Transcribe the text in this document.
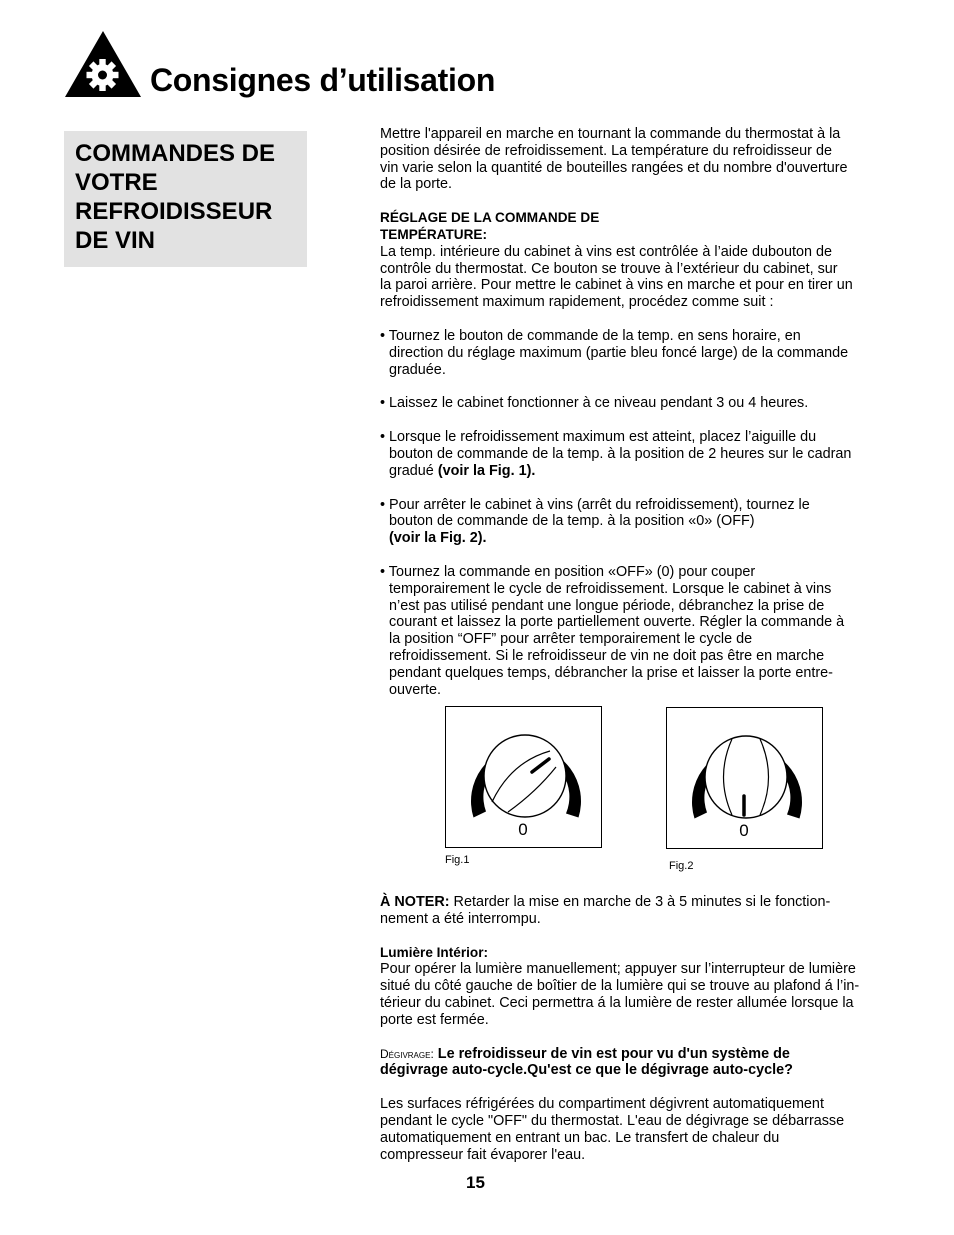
Consignes d’utilisation
COMMANDES DE VOTRE REFROIDISSEUR DE VIN

Mettre l'appareil en marche en tournant la commande du thermostat à la
position désirée de refroidissement. La température du refroidisseur de
vin varie selon la quantité de bouteilles rangées et du nombre d'ouverture
de la porte.

RÉGLAGE DE LA COMMANDE DE
TEMPÉRATURE:

La temp. intérieure du cabinet à vins est contrôlée à l’aide dubouton de
contrôle du thermostat. Ce bouton se trouve à l’extérieur du cabinet, sur
la paroi arrière. Pour mettre le cabinet à vins en marche et pour en tirer un
refroidissement maximum rapidement, procédez comme suit :

• Tournez le bouton de commande de la temp. en sens horaire, en
direction du réglage maximum (partie bleu foncé large) de la commande
graduée.

• Laissez le cabinet fonctionner à ce niveau pendant 3 ou 4 heures.

• Lorsque le refroidissement maximum est atteint, placez l’aiguille du
bouton de commande de la temp. à la position de 2 heures sur le cadran
gradué (voir la Fig. 1).

• Pour arrêter le cabinet à vins (arrêt du refroidissement), tournez le
bouton de commande de la temp. à la position «0» (OFF)
(voir la Fig. 2).

• Tournez la commande en position «OFF» (0) pour couper
temporairement le cycle de refroidissement. Lorsque le cabinet à vins
n’est pas utilisé pendant une longue période, débranchez la prise de
courant et laissez la porte partiellement ouverte. Régler la commande à
la position “OFF” pour arrêter temporairement le cycle de
refroidissement. Si le refroidisseur de vin ne doit pas être en marche
pendant quelques temps, débrancher la prise et laisser la porte entre-
ouverte.

0
Fig.1
0
Fig.2

À NOTER: Retarder la mise en marche de 3 à 5 minutes si le fonction-
nement a été interrompu.

Lumière Intérior:

Pour opérer la lumière manuellement; appuyer sur l’interrupteur de lumière
situé du côté gauche de boîtier de la lumière qui se trouve au plafond á l’in-
térieur du cabinet. Ceci permettra á la lumière de rester allumée lorsque la
porte est fermée.

Dégivrage: Le refroidisseur de vin est pour vu d'un système de
dégivrage auto-cycle.Qu'est ce que le dégivrage auto-cycle?

Les surfaces réfrigérées du compartiment dégivrent automatiquement
pendant le cycle "OFF" du thermostat. L'eau de dégivrage se débarrasse
automatiquement en entrant un bac. Le transfert de chaleur du
compresseur fait évaporer l'eau.

15
